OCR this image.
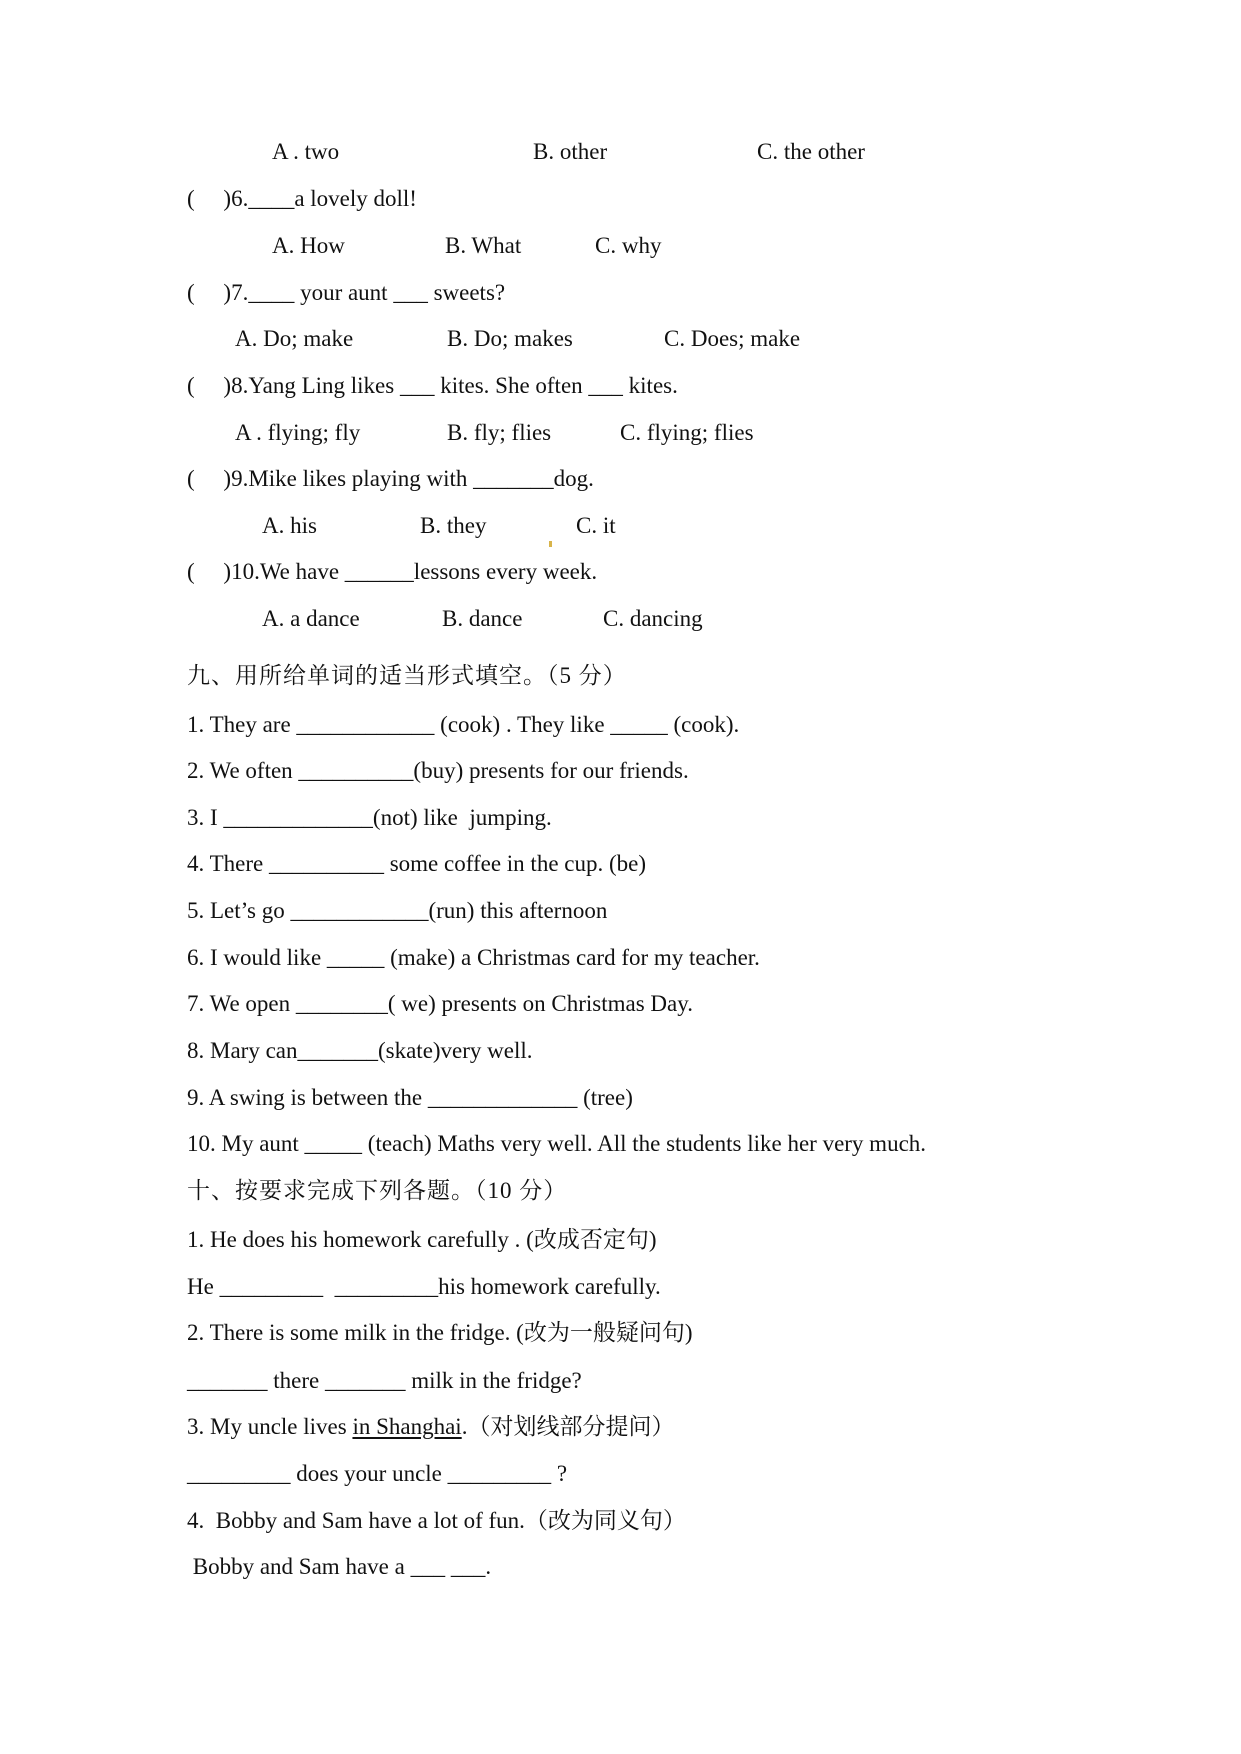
A . two	B. other	C. the other
(     )6.____a lovely doll!
A. How	B. What	C. why
(     )7.____ your aunt ___ sweets?
A. Do; make	B. Do; makes	C. Does; make
(     )8.Yang Ling likes ___ kites. She often ___ kites.
A . flying; fly	B. fly; flies	C. flying; flies
(     )9.Mike likes playing with _______dog.
A. his	B. they	C. it
(     )10.We have ______lessons every week.
A. a dance	B. dance	C. dancing
九、用所给单词的适当形式填空。（5 分）
1. They are ____________ (cook) . They like _____ (cook).
2. We often __________(buy) presents for our friends.
3. I _____________(not) like  jumping.
4. There __________ some coffee in the cup. (be)
5. Let’s go ____________(run) this afternoon
6. I would like _____ (make) a Christmas card for my teacher.
7. We open ________( we) presents on Christmas Day.
8. Mary can_______(skate)very well.
9. A swing is between the _____________ (tree)
10. My aunt _____ (teach) Maths very well. All the students like her very much.
十、按要求完成下列各题。（10 分）
1. He does his homework carefully . (改成否定句)
He _________  _________his homework carefully.
2. There is some milk in the fridge. (改为一般疑问句)
_______ there _______ milk in the fridge?
3. My uncle lives in Shanghai.（对划线部分提问）
_________ does your uncle _________ ?
4.  Bobby and Sam have a lot of fun.（改为同义句）
Bobby and Sam have a ___ ___.
